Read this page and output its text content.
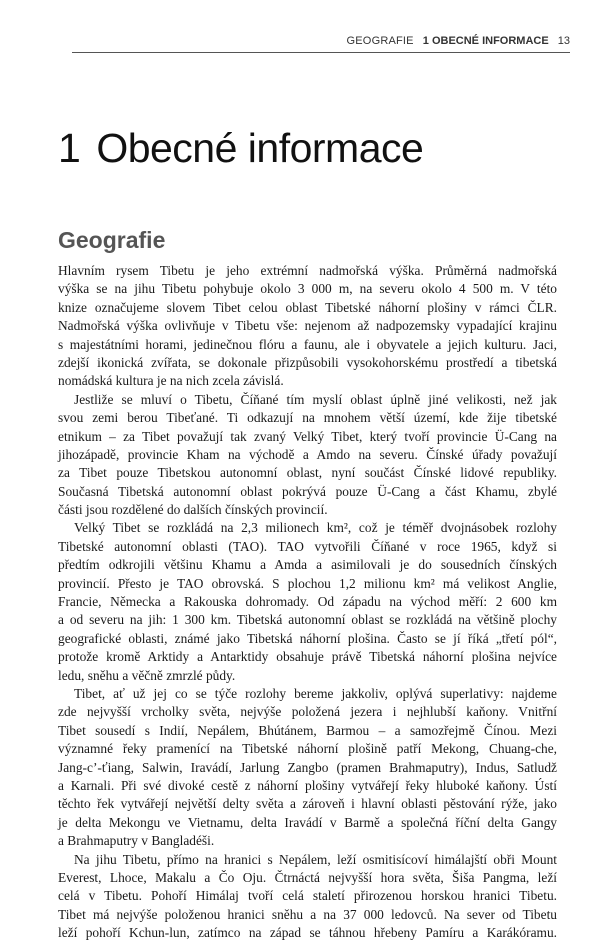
GEOGRAFIE 1 OBECNÉ INFORMACE 13
1 Obecné informace
Geografie
Hlavním rysem Tibetu je jeho extrémní nadmořská výška. Průměrná nadmořská
výška se na jihu Tibetu pohybuje okolo 3 000 m, na severu okolo 4 500 m. V této
knize označujeme slovem Tibet celou oblast Tibetské náhorní plošiny v rámci ČLR.
Nadmořská výška ovlivňuje v Tibetu vše: nejenom až nadpozemsky vypadající krajinu
s majestátními horami, jedinečnou flóru a faunu, ale i obyvatele a jejich kulturu. Jaci,
zdejší ikonická zvířata, se dokonale přizpůsobili vysokohorskému prostředí a tibetská
nomádská kultura je na nich zcela závislá.
Jestliže se mluví o Tibetu, Číňané tím myslí oblast úplně jiné velikosti, než jak
svou zemi berou Tibeťané. Ti odkazují na mnohem větší území, kde žije tibetské
etnikum – za Tibet považují tak zvaný Velký Tibet, který tvoří provincie Ü-Cang na
jihozápadě, provincie Kham na východě a Amdo na severu. Čínské úřady považují
za Tibet pouze Tibetskou autonomní oblast, nyní součást Čínské lidové republiky.
Současná Tibetská autonomní oblast pokrývá pouze Ü-Cang a část Khamu, zbylé
části jsou rozdělené do dalších čínských provincií.
Velký Tibet se rozkládá na 2,3 milionech km², což je téměř dvojnásobek rozlohy
Tibetské autonomní oblasti (TAO). TAO vytvořili Číňané v roce 1965, když si
předtím odkrojili většinu Khamu a Amda a asimilovali je do sousedních čínských
provincií. Přesto je TAO obrovská. S plochou 1,2 milionu km² má velikost Anglie,
Francie, Německa a Rakouska dohromady. Od západu na východ měří: 2 600 km
a od severu na jih: 1 300 km. Tibetská autonomní oblast se rozkládá na většině plochy
geografické oblasti, známé jako Tibetská náhorní plošina. Často se jí říká „třetí pól“,
protože kromě Arktidy a Antarktidy obsahuje právě Tibetská náhorní plošina nejvíce
ledu, sněhu a věčně zmrzlé půdy.
Tibet, ať už jej co se týče rozlohy bereme jakkoliv, oplývá superlativy: najdeme
zde nejvyšší vrcholky světa, nejvýše položená jezera i nejhlubší kaňony. Vnitřní
Tibet sousedí s Indií, Nepálem, Bhútánem, Barmou – a samozřejmě Čínou. Mezi
významné řeky pramenící na Tibetské náhorní plošině patří Mekong, Chuang-che,
Jang-c’-ťiang, Salwin, Iravádí, Jarlung Zangbo (pramen Brahmaputry), Indus, Satludž
a Karnali. Při své divoké cestě z náhorní plošiny vytvářejí řeky hluboké kaňony. Ústí
těchto řek vytvářejí největší delty světa a zároveň i hlavní oblasti pěstování rýže, jako
je delta Mekongu ve Vietnamu, delta Iravádí v Barmě a společná říční delta Gangy
a Brahmaputry v Bangladéši.
Na jihu Tibetu, přímo na hranici s Nepálem, leží osmitisícoví himálajští obři Mount
Everest, Lhoce, Makalu a Čo Oju. Čtrnáctá nejvyšší hora světa, Šiša Pangma, leží
celá v Tibetu. Pohoří Himálaj tvoří celá staletí přirozenou horskou hranici Tibetu.
Tibet má nejvýše položenou hranici sněhu a na 37 000 ledovců. Na sever od Tibetu
leží pohoří Kchun-lun, zatímco na západ se táhnou hřebeny Pamíru a Karákóramu.
